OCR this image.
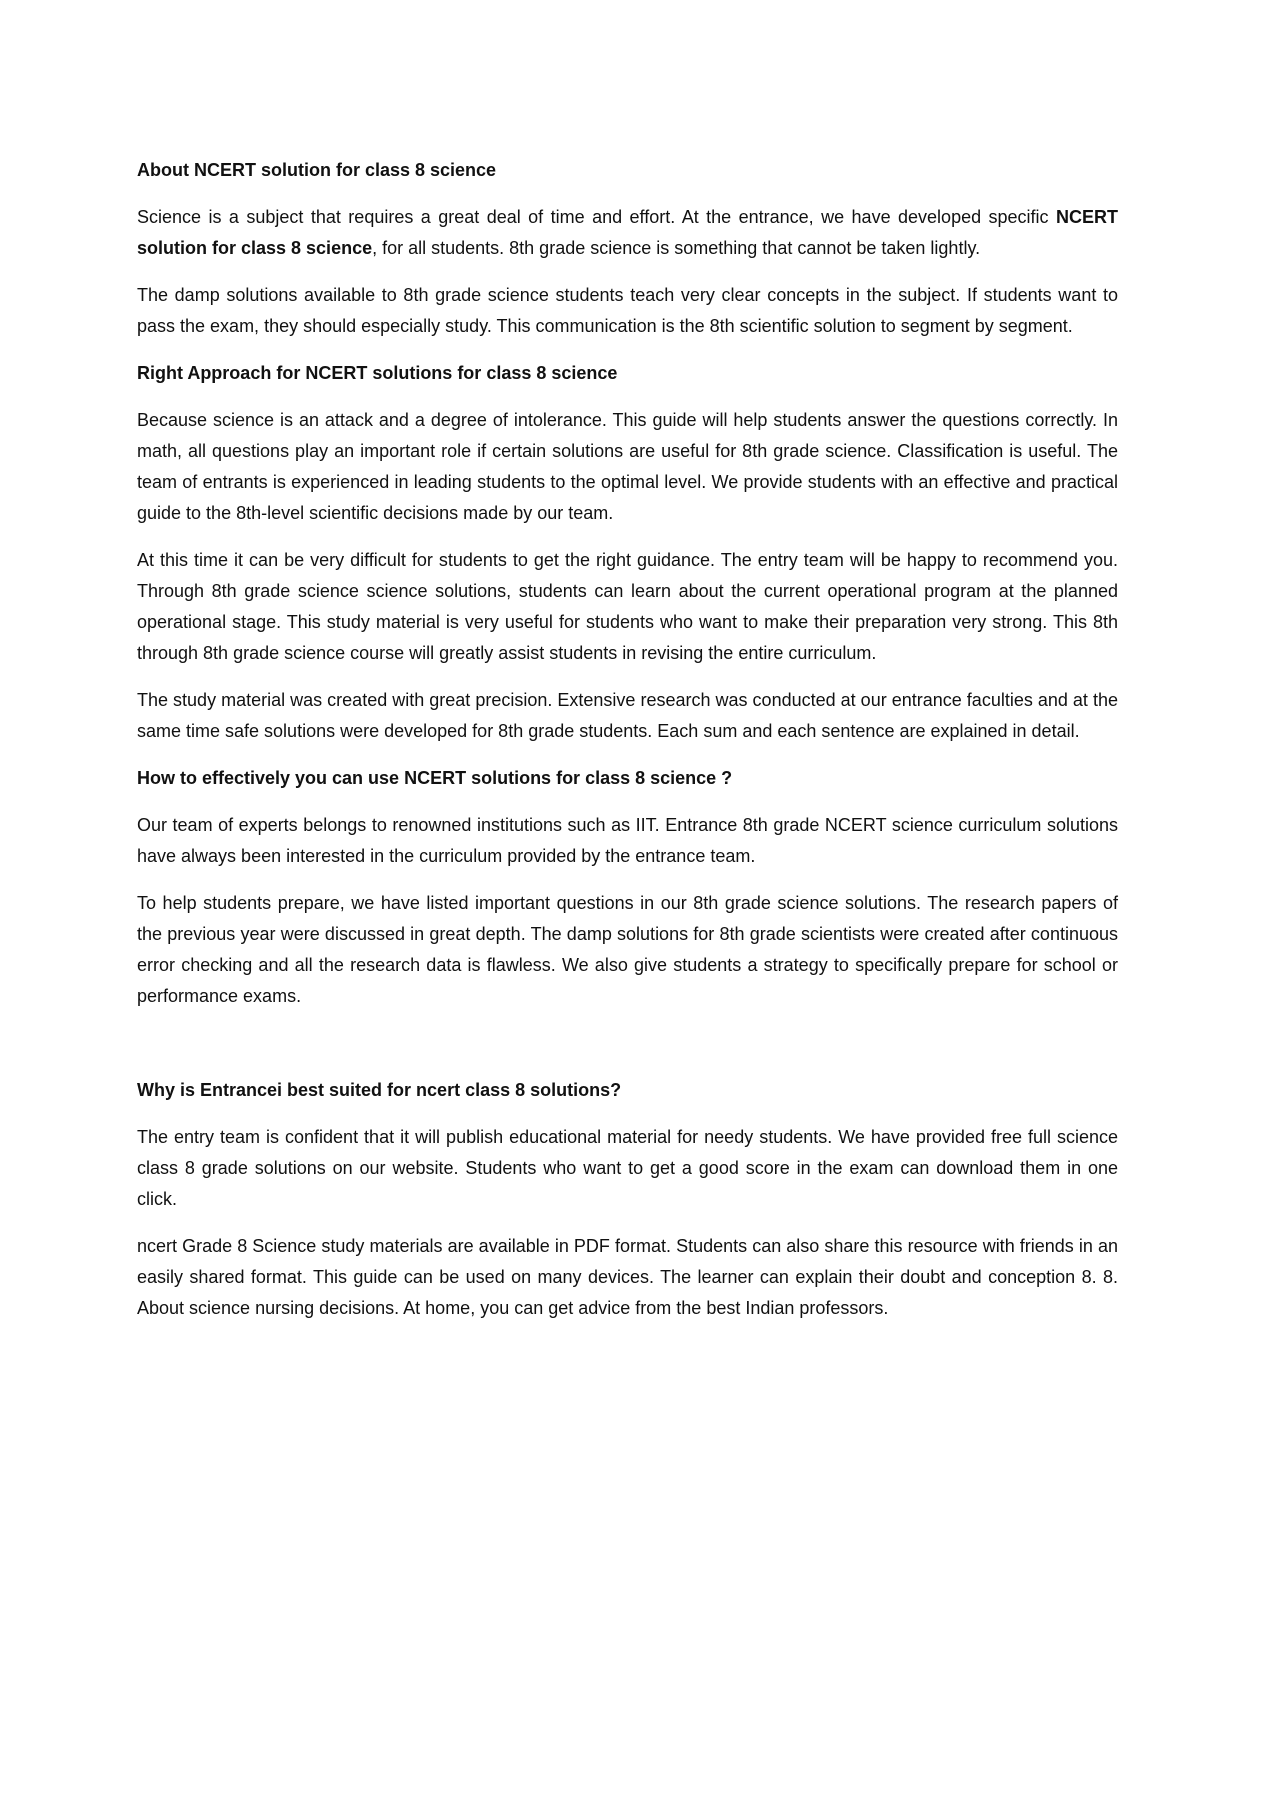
About NCERT solution for class 8 science

Science is a subject that requires a great deal of time and effort. At the entrance, we have developed specific NCERT solution for class 8 science, for all students. 8th grade science is something that cannot be taken lightly.

The damp solutions available to 8th grade science students teach very clear concepts in the subject. If students want to pass the exam, they should especially study. This communication is the 8th scientific solution to segment by segment.

Right Approach for NCERT solutions for class 8 science

Because science is an attack and a degree of intolerance. This guide will help students answer the questions correctly. In math, all questions play an important role if certain solutions are useful for 8th grade science. Classification is useful. The team of entrants is experienced in leading students to the optimal level. We provide students with an effective and practical guide to the 8th-level scientific decisions made by our team.

At this time it can be very difficult for students to get the right guidance. The entry team will be happy to recommend you. Through 8th grade science science solutions, students can learn about the current operational program at the planned operational stage. This study material is very useful for students who want to make their preparation very strong. This 8th through 8th grade science course will greatly assist students in revising the entire curriculum.

The study material was created with great precision. Extensive research was conducted at our entrance faculties and at the same time safe solutions were developed for 8th grade students. Each sum and each sentence are explained in detail.

How to effectively you can use NCERT solutions for class 8 science ?

Our team of experts belongs to renowned institutions such as IIT. Entrance 8th grade NCERT science curriculum solutions have always been interested in the curriculum provided by the entrance team.

To help students prepare, we have listed important questions in our 8th grade science solutions. The research papers of the previous year were discussed in great depth. The damp solutions for 8th grade scientists were created after continuous error checking and all the research data is flawless. We also give students a strategy to specifically prepare for school or performance exams.

Why is Entrancei best suited for ncert class 8 solutions?

The entry team is confident that it will publish educational material for needy students. We have provided free full science class 8 grade solutions on our website. Students who want to get a good score in the exam can download them in one click.

ncert Grade 8 Science study materials are available in PDF format. Students can also share this resource with friends in an easily shared format. This guide can be used on many devices. The learner can explain their doubt and conception 8. 8. About science nursing decisions. At home, you can get advice from the best Indian professors.
